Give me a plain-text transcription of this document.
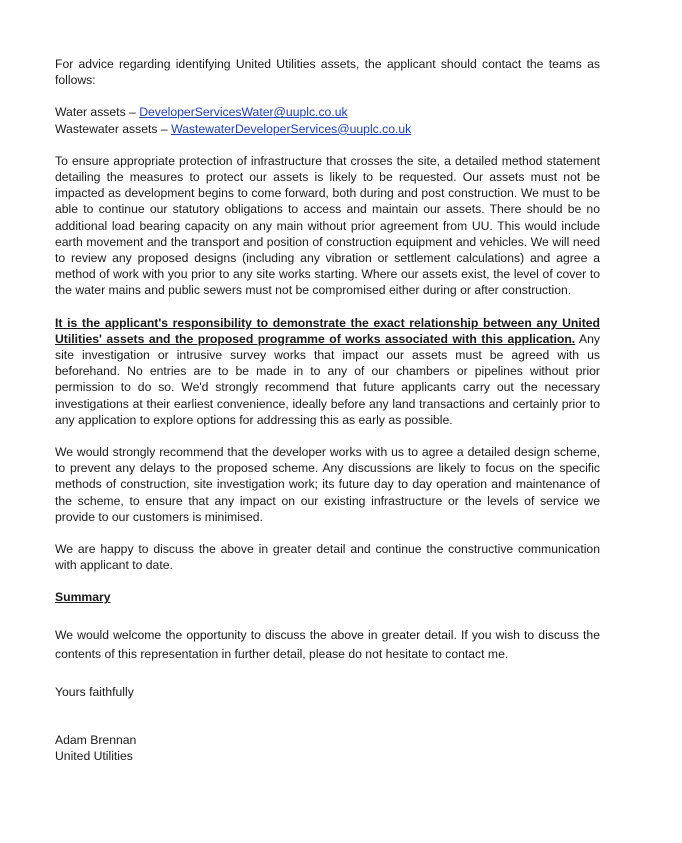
For advice regarding identifying United Utilities assets, the applicant should contact the teams as follows:

Water assets – DeveloperServicesWater@uuplc.co.uk
Wastewater assets – WastewaterDeveloperServices@uuplc.co.uk

To ensure appropriate protection of infrastructure that crosses the site, a detailed method statement detailing the measures to protect our assets is likely to be requested. Our assets must not be impacted as development begins to come forward, both during and post construction. We must to be able to continue our statutory obligations to access and maintain our assets. There should be no additional load bearing capacity on any main without prior agreement from UU. This would include earth movement and the transport and position of construction equipment and vehicles. We will need to review any proposed designs (including any vibration or settlement calculations) and agree a method of work with you prior to any site works starting. Where our assets exist, the level of cover to the water mains and public sewers must not be compromised either during or after construction.

It is the applicant's responsibility to demonstrate the exact relationship between any United Utilities' assets and the proposed programme of works associated with this application. Any site investigation or intrusive survey works that impact our assets must be agreed with us beforehand. No entries are to be made in to any of our chambers or pipelines without prior permission to do so. We'd strongly recommend that future applicants carry out the necessary investigations at their earliest convenience, ideally before any land transactions and certainly prior to any application to explore options for addressing this as early as possible.

We would strongly recommend that the developer works with us to agree a detailed design scheme, to prevent any delays to the proposed scheme. Any discussions are likely to focus on the specific methods of construction, site investigation work; its future day to day operation and maintenance of the scheme, to ensure that any impact on our existing infrastructure or the levels of service we provide to our customers is minimised.

We are happy to discuss the above in greater detail and continue the constructive communication with applicant to date.

Summary

We would welcome the opportunity to discuss the above in greater detail. If you wish to discuss the contents of this representation in further detail, please do not hesitate to contact me.

Yours faithfully
Adam Brennan
United Utilities
